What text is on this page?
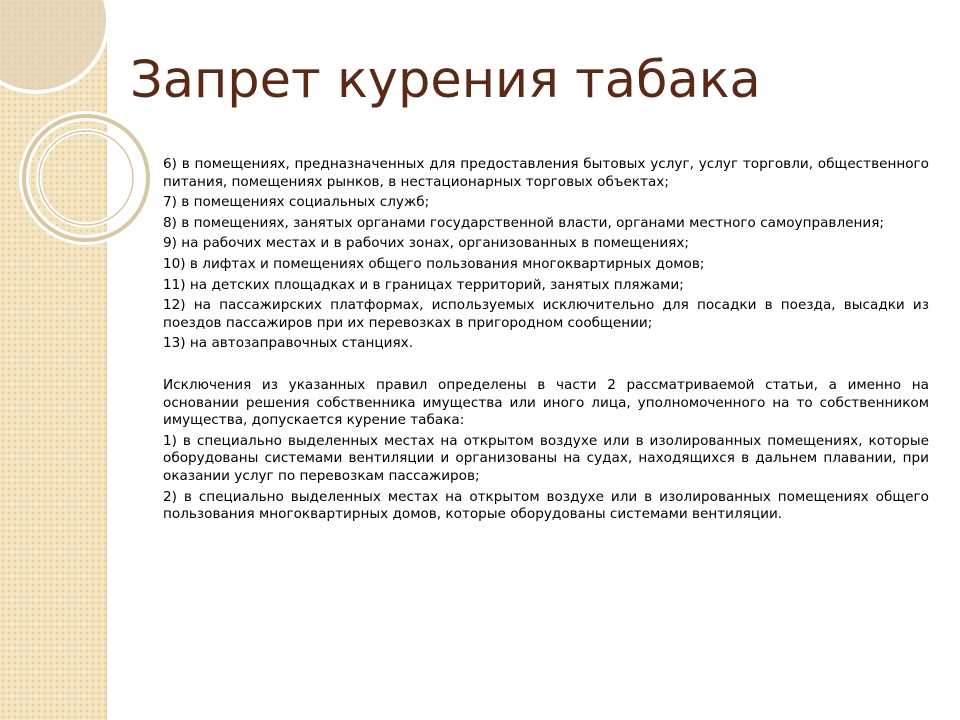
Запрет курения табака

6) в помещениях, предназначенных для предоставления бытовых услуг, услуг торговли, общественного питания, помещениях рынков, в нестационарных торговых объектах;

7) в помещениях социальных служб;

8) в помещениях, занятых органами государственной власти, органами местного самоуправления;

9) на рабочих местах и в рабочих зонах, организованных в помещениях;

10) в лифтах и помещениях общего пользования многоквартирных домов;

11) на детских площадках и в границах территорий, занятых пляжами;

12) на пассажирских платформах, используемых исключительно для посадки в поезда, высадки из поездов пассажиров при их перевозках в пригородном сообщении;

13) на автозаправочных станциях.

Исключения из указанных правил определены в части 2 рассматриваемой статьи, а именно на основании решения собственника имущества или иного лица, уполномоченного на то собственником имущества, допускается курение табака:

1) в специально выделенных местах на открытом воздухе или в изолированных помещениях, которые оборудованы системами вентиляции и организованы на судах, находящихся в дальнем плавании, при оказании услуг по перевозкам пассажиров;

2) в специально выделенных местах на открытом воздухе или в изолированных помещениях общего пользования многоквартирных домов, которые оборудованы системами вентиляции.
